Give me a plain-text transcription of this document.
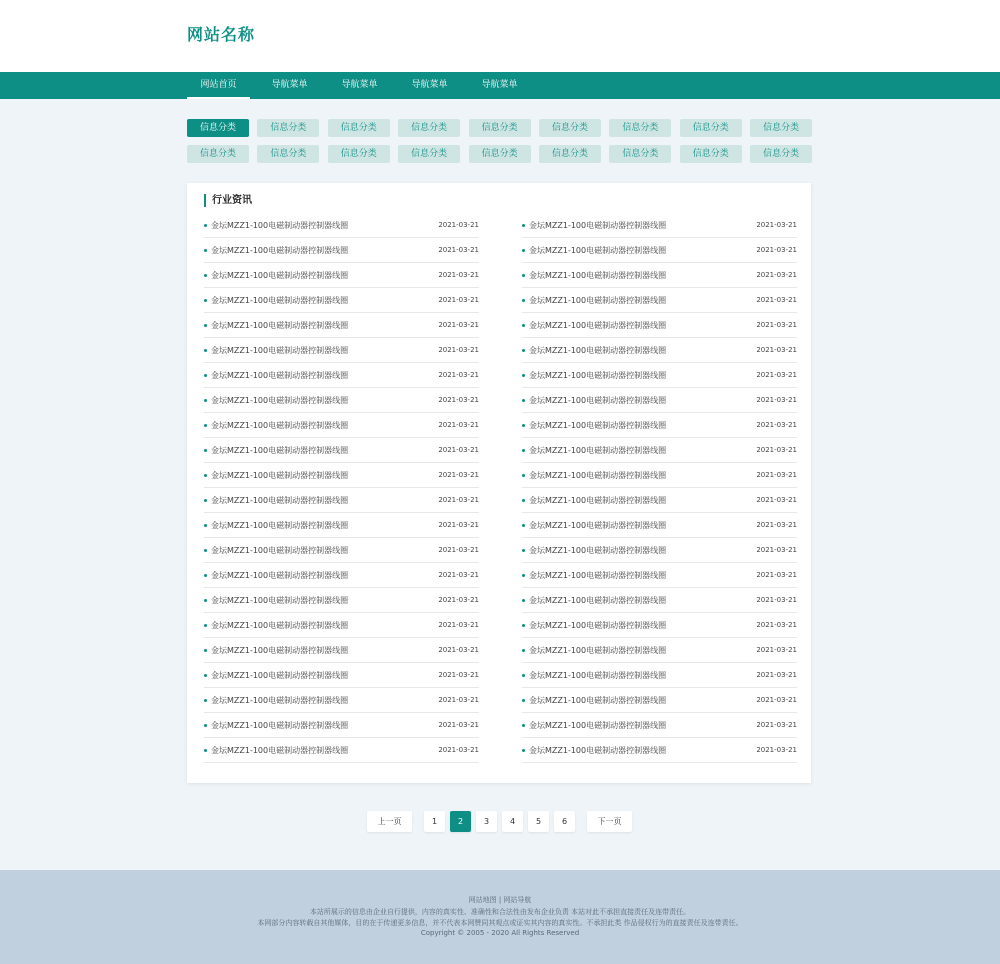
网站名称
网站首页	导航菜单	导航菜单	导航菜单	导航菜单
信息分类	信息分类	信息分类	信息分类	信息分类	信息分类	信息分类	信息分类	信息分类
信息分类	信息分类	信息分类	信息分类	信息分类	信息分类	信息分类	信息分类	信息分类
行业资讯
金坛MZZ1-100电磁制动器控制器线圈	2021-03-21
金坛MZZ1-100电磁制动器控制器线圈	2021-03-21
金坛MZZ1-100电磁制动器控制器线圈	2021-03-21
金坛MZZ1-100电磁制动器控制器线圈	2021-03-21
金坛MZZ1-100电磁制动器控制器线圈	2021-03-21
金坛MZZ1-100电磁制动器控制器线圈	2021-03-21
金坛MZZ1-100电磁制动器控制器线圈	2021-03-21
金坛MZZ1-100电磁制动器控制器线圈	2021-03-21
金坛MZZ1-100电磁制动器控制器线圈	2021-03-21
金坛MZZ1-100电磁制动器控制器线圈	2021-03-21
金坛MZZ1-100电磁制动器控制器线圈	2021-03-21
金坛MZZ1-100电磁制动器控制器线圈	2021-03-21
金坛MZZ1-100电磁制动器控制器线圈	2021-03-21
金坛MZZ1-100电磁制动器控制器线圈	2021-03-21
金坛MZZ1-100电磁制动器控制器线圈	2021-03-21
金坛MZZ1-100电磁制动器控制器线圈	2021-03-21
金坛MZZ1-100电磁制动器控制器线圈	2021-03-21
金坛MZZ1-100电磁制动器控制器线圈	2021-03-21
金坛MZZ1-100电磁制动器控制器线圈	2021-03-21
金坛MZZ1-100电磁制动器控制器线圈	2021-03-21
金坛MZZ1-100电磁制动器控制器线圈	2021-03-21
金坛MZZ1-100电磁制动器控制器线圈	2021-03-21
金坛MZZ1-100电磁制动器控制器线圈	2021-03-21
金坛MZZ1-100电磁制动器控制器线圈	2021-03-21
金坛MZZ1-100电磁制动器控制器线圈	2021-03-21
金坛MZZ1-100电磁制动器控制器线圈	2021-03-21
金坛MZZ1-100电磁制动器控制器线圈	2021-03-21
金坛MZZ1-100电磁制动器控制器线圈	2021-03-21
金坛MZZ1-100电磁制动器控制器线圈	2021-03-21
金坛MZZ1-100电磁制动器控制器线圈	2021-03-21
金坛MZZ1-100电磁制动器控制器线圈	2021-03-21
金坛MZZ1-100电磁制动器控制器线圈	2021-03-21
金坛MZZ1-100电磁制动器控制器线圈	2021-03-21
金坛MZZ1-100电磁制动器控制器线圈	2021-03-21
金坛MZZ1-100电磁制动器控制器线圈	2021-03-21
金坛MZZ1-100电磁制动器控制器线圈	2021-03-21
金坛MZZ1-100电磁制动器控制器线圈	2021-03-21
金坛MZZ1-100电磁制动器控制器线圈	2021-03-21
金坛MZZ1-100电磁制动器控制器线圈	2021-03-21
金坛MZZ1-100电磁制动器控制器线圈	2021-03-21
金坛MZZ1-100电磁制动器控制器线圈	2021-03-21
金坛MZZ1-100电磁制动器控制器线圈	2021-03-21
金坛MZZ1-100电磁制动器控制器线圈	2021-03-21
金坛MZZ1-100电磁制动器控制器线圈	2021-03-21
上一页	1	2	3	4	5	6	下一页
网站地图 | 网站导航
本站所展示的信息由企业自行提供，内容的真实性、准确性和合法性由发布企业负责 本站对此不承担直接责任及连带责任。
本网部分内容转载自其他媒体，目的在于传递更多信息，并不代表本网赞同其观点或证实其内容的真实性。不承担此类 作品侵权行为的直接责任及连带责任。
Copyright © 2005 - 2020 All Rights Reserved
